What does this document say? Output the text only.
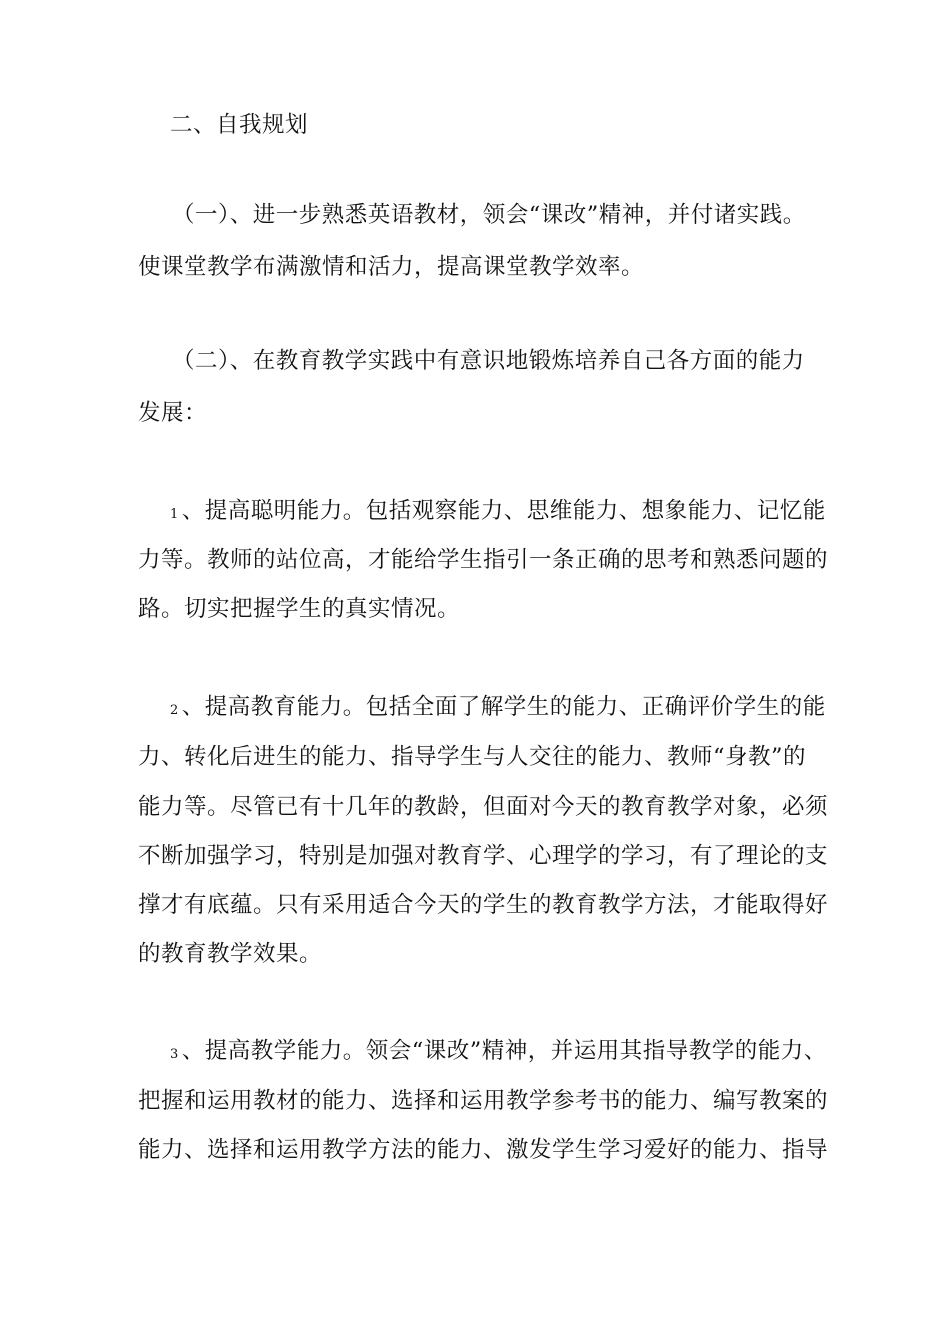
二、自我规划
（一）、进一步熟悉英语教材，领会“课改”精神，并付诸实践。
使课堂教学布满激情和活力，提高课堂教学效率。
（二）、在教育教学实践中有意识地锻炼培养自己各方面的能力
发展：
1 、提高聪明能力。包括观察能力、思维能力、想象能力、记忆能
力等。教师的站位高，才能给学生指引一条正确的思考和熟悉问题的
路。切实把握学生的真实情况。
2 、提高教育能力。包括全面了解学生的能力、正确评价学生的能
力、转化后进生的能力、指导学生与人交往的能力、教师“身教”的
能力等。尽管已有十几年的教龄，但面对今天的教育教学对象，必须
不断加强学习，特别是加强对教育学、心理学的学习，有了理论的支
撑才有底蕴。只有采用适合今天的学生的教育教学方法，才能取得好
的教育教学效果。
3 、提高教学能力。领会“课改”精神，并运用其指导教学的能力、
把握和运用教材的能力、选择和运用教学参考书的能力、编写教案的
能力、选择和运用教学方法的能力、激发学生学习爱好的能力、指导
